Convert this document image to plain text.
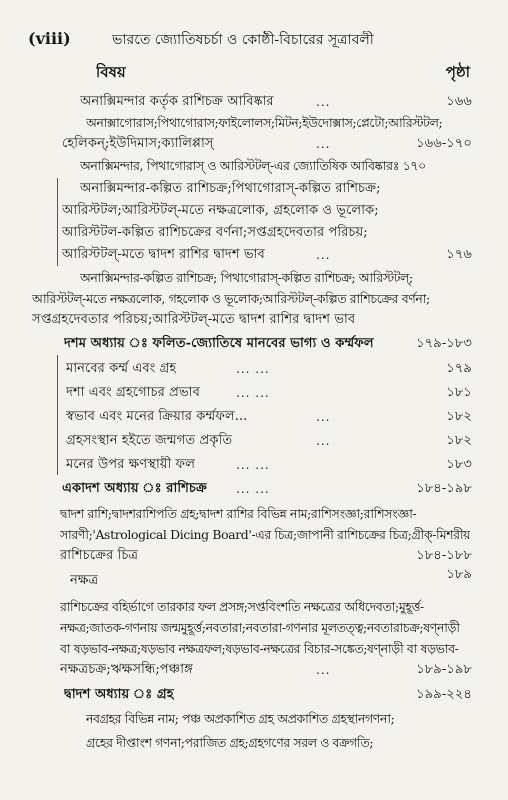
(viii)	ভারতে জ্যোতিষচর্চা ও কোষ্ঠী-বিচারের সূত্রাবলী
বিষয়	পৃষ্ঠা
অনাক্সিমন্দার কর্তৃক রাশিচক্র আবিষ্কার	...	১৬৬
অনাক্সাগোরাস;পিথাগোরাস;ফাইলোলস;মিটন;ইউদোক্সাস;প্লেটো;আরিস্টটল;
হেলিকন্‌;ইউদিমাস;ক্যালিপ্পাস্‌	...	১৬৬-১৭০
অনাক্সিমন্দার, পিথাগোরাস্‌ ও আরিস্টটল্‌-এর জ্যোতিষিক আবিষ্কারঃ ১৭০
অনাক্সিমন্দার-কল্পিত রাশিচক্র;পিথাগোরাস্‌-কল্পিত রাশিচক্র;
আরিস্টটল;আরিস্টটল্‌-মতে নক্ষত্রলোক, গ্রহলোক ও ভূলোক;
আরিস্টটল-কল্পিত রাশিচক্রের বর্ণনা;সপ্তগ্রহদেবতার পরিচয়;
আরিস্টটল্‌-মতে দ্বাদশ রাশির দ্বাদশ ভাব	...	১৭৬
অনাক্সিমন্দার-কল্পিত রাশিচক্র; পিথাগোরাস্‌-কল্পিত রাশিচক্র; আরিস্টটল্‌;
আরিস্টটল্‌-মতে নক্ষত্রলোক, গহলোক ও ভূলোক;আরিস্টটল্‌-কল্পিত রাশিচক্রের বর্ণনা;
সপ্তগ্রহদেবতার পরিচয়;আরিস্টটল্‌-মতে দ্বাদশ রাশির দ্বাদশ ভাব
দশম অধ্যায় ঃ ফলিত-জ্যোতিষে মানবের ভাগ্য ও কর্ম্মফল	১৭৯-১৮৩
মানবের কর্ম্ম এবং গ্রহ	... ...	১৭৯
দশা এবং গ্রহগোচর প্রভাব	... ...	১৮১
স্বভাব এবং মনের ক্রিয়ার কর্ম্মফল...	...	১৮২
গ্রহসংস্থান হইতে জন্মগত প্রকৃতি	...	১৮২
মনের উপর ক্ষণস্থায়ী ফল	... ...	১৮৩
একাদশ অধ্যায় ঃ রাশিচক্র ... ...	১৮৪-১৯৮
দ্বাদশ রাশি;দ্বাদশরাশিপতি গ্রহ;দ্বাদশ রাশির বিভিন্ন নাম;রাশিসংজ্ঞা;রাশিসংজ্ঞা-
সারণী;'Astrological Dicing Board'-এর চিত্র;জাপানী রাশিচক্রের চিত্র;গ্রীক্‌-মিশরীয়
রাশিচক্রের চিত্র	১৮৪-১৮৮
নক্ষত্র	১৮৯
রাশিচক্রের বহির্ভাগে তারকার ফল প্রসঙ্গ;সপ্তবিংশতি নক্ষত্রের অধিদেবতা;মুহূর্ত্ত-
নক্ষত্র;জাতক-গণনায় জন্মমুহূর্ত্ত;নবতারা;নবতারা-গণনার মূলতত্ত্ব;নবতারাচক্র;ষণ্নাড়ী
বা ষড়ভাব-নক্ষত্র;ষড়ভাব নক্ষত্রফল;ষড়ভাব-নক্ষত্রের বিচার-সঙ্কেত;ষণ্নাড়ী বা ষড়ভাব-
নক্ষত্রচক্র;ঋক্ষসন্ধি;পঞ্চাঙ্গ	...	১৮৯-১৯৮
দ্বাদশ অধ্যায় ঃ গ্রহ	১৯৯-২২৪
নবগ্রহর বিভিন্ন নাম; পঞ্চ অপ্রকাশিত গ্রহ অপ্রকাশিত গ্রহস্থানগণনা;
গ্রহের দীপ্তাংশ গণনা;পরাজিত গ্রহ;গ্রহগণের সরল ও বক্রগতি;
